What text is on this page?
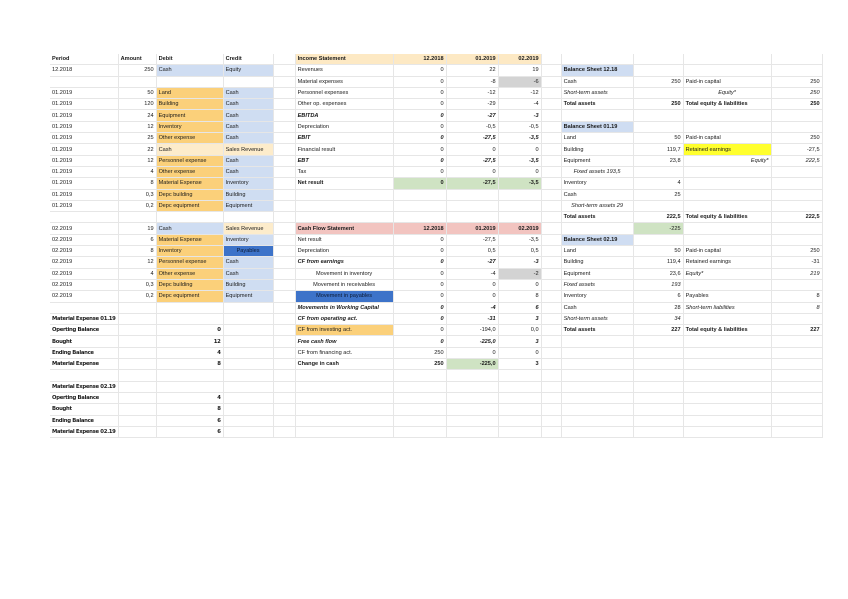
Period	Amount	Debit	Credit		Income Statement	12.2018	01.2019	02.2019					
12.2018	250	Cash	Equity		Revenues	0	22	19		Balance Sheet 12.18			
					Material expenses	0	-8	-6		Cash	250	Paid-in capital	250
01.2019	50	Land	Cash		Personnel expenses	0	-12	-12		Short-term assets		Equity*	250
01.2019	120	Building	Cash		Other op. expenses	0	-29	-4		Total assets	250	Total equity & liabilities	250
01.2019	24	Equipment	Cash		EBITDA	0	-27	-3					
01.2019	12	Inventory	Cash		Depreciation	0	-0,5	-0,5		Balance Sheet 01.19			
01.2019	25	Other expense	Cash		EBIT	0	-27,5	-3,5		Land	50	Paid-in capital	250
01.2019	22	Cash	Sales Revenue		Financial result	0	0	0		Building	119,7	Retained earnings	-27,5
01.2019	12	Personnel expense	Cash		EBT	0	-27,5	-3,5		Equipment	23,8	Equity*	222,5
01.2019	4	Other expense	Cash		Tax	0	0	0		Fixed assets 193,5			
01.2019	8	Material Expense	Inventory		Net result	0	-27,5	-3,5		Inventory	4		
01.2019	0,3	Depc building	Building							Cash	25		
01.2019	0,2	Depc equipment	Equipment							Short-term assets 29			
										Total assets	222,5	Total equity & liabilities	222,5
02.2019	19	Cash	Sales Revenue		Cash Flow Statement	12.2018	01.2019	02.2019			-225		
02.2019	6	Material Expense	Inventory		Net result	0	-27,5	-3,5		Balance Sheet 02.19			
02.2019	8	Inventory	Payables		Depreciation	0	0,5	0,5		Land	50	Paid-in capital	250
02.2019	12	Personnel expense	Cash		CF from earnings	0	-27	-3		Building	119,4	Retained earnings	-31
02.2019	4	Other expense	Cash		Movement in inventory	0	-4	-2		Equipment	23,6	Equity*	219
02.2019	0,3	Depc building	Building		Movement in receivables	0	0	0		Fixed assets	193		
02.2019	0,2	Depc equipment	Equipment		Movement in payables	0	0	8		Inventory	6	Payables	8
					Movements in Working Capital	0	-4	6		Cash	28	Short-term liabilities	8
Material Expense 01.19					CF from operating act.	0	-31	3		Short-term assets	34		
Operting Balance		0			CF from investing act.	0	-194,0	0,0		Total assets	227	Total equity & liabilities	227
Bought		12			Free cash flow	0	-225,0	3					
Ending Balance		4			CF from financing act.	250	0	0					
Material Expense		8			Change in cash	250	-225,0	3					

Material Expense 02.19													
Operting Balance		4											
Bought		8											
Ending Balance		6											
Material Expense 02.19		6											
